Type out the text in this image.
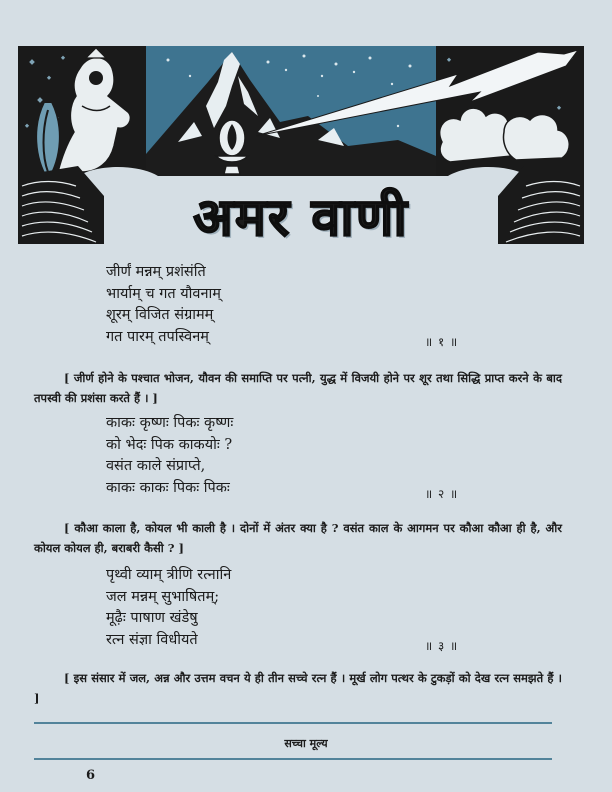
अमर वाणी
जीर्णं मन्नम् प्रशंसंति
भार्याम् च गत यौवनाम्
शूरम् विजित संग्रामम्
गत पारम् तपस्विनम्	॥ १ ॥
[ जीर्ण होने के पश्चात भोजन, यौवन की समाप्ति पर पत्नी, युद्ध में विजयी होने पर शूर तथा सिद्धि प्राप्त करने के बाद तपस्वी की प्रशंसा करते हैं । ]
काकः कृष्णः पिकः कृष्णः
को भेदः पिक काकयोः ?
वसंत काले संप्राप्ते,
काकः काकः पिकः पिकः	॥ २ ॥
[ कौआ काला है, कोयल भी काली है । दोनों में अंतर क्या है ? वसंत काल के आगमन पर कौआ कौआ ही है, और कोयल कोयल ही, बराबरी कैसी ? ]
पृथ्वी व्याम् त्रीणि रत्नानि
जल मन्नम् सुभाषितम्;
मूढ़ैः पाषाण खंडेषु
रत्न संज्ञा विधीयते	॥ ३ ॥
[ इस संसार में जल, अन्न और उत्तम वचन ये ही तीन सच्चे रत्न हैं । मूर्ख लोग पत्थर के टुकड़ों को देख रत्न समझते हैं । ]
सच्चा मूल्य
6
